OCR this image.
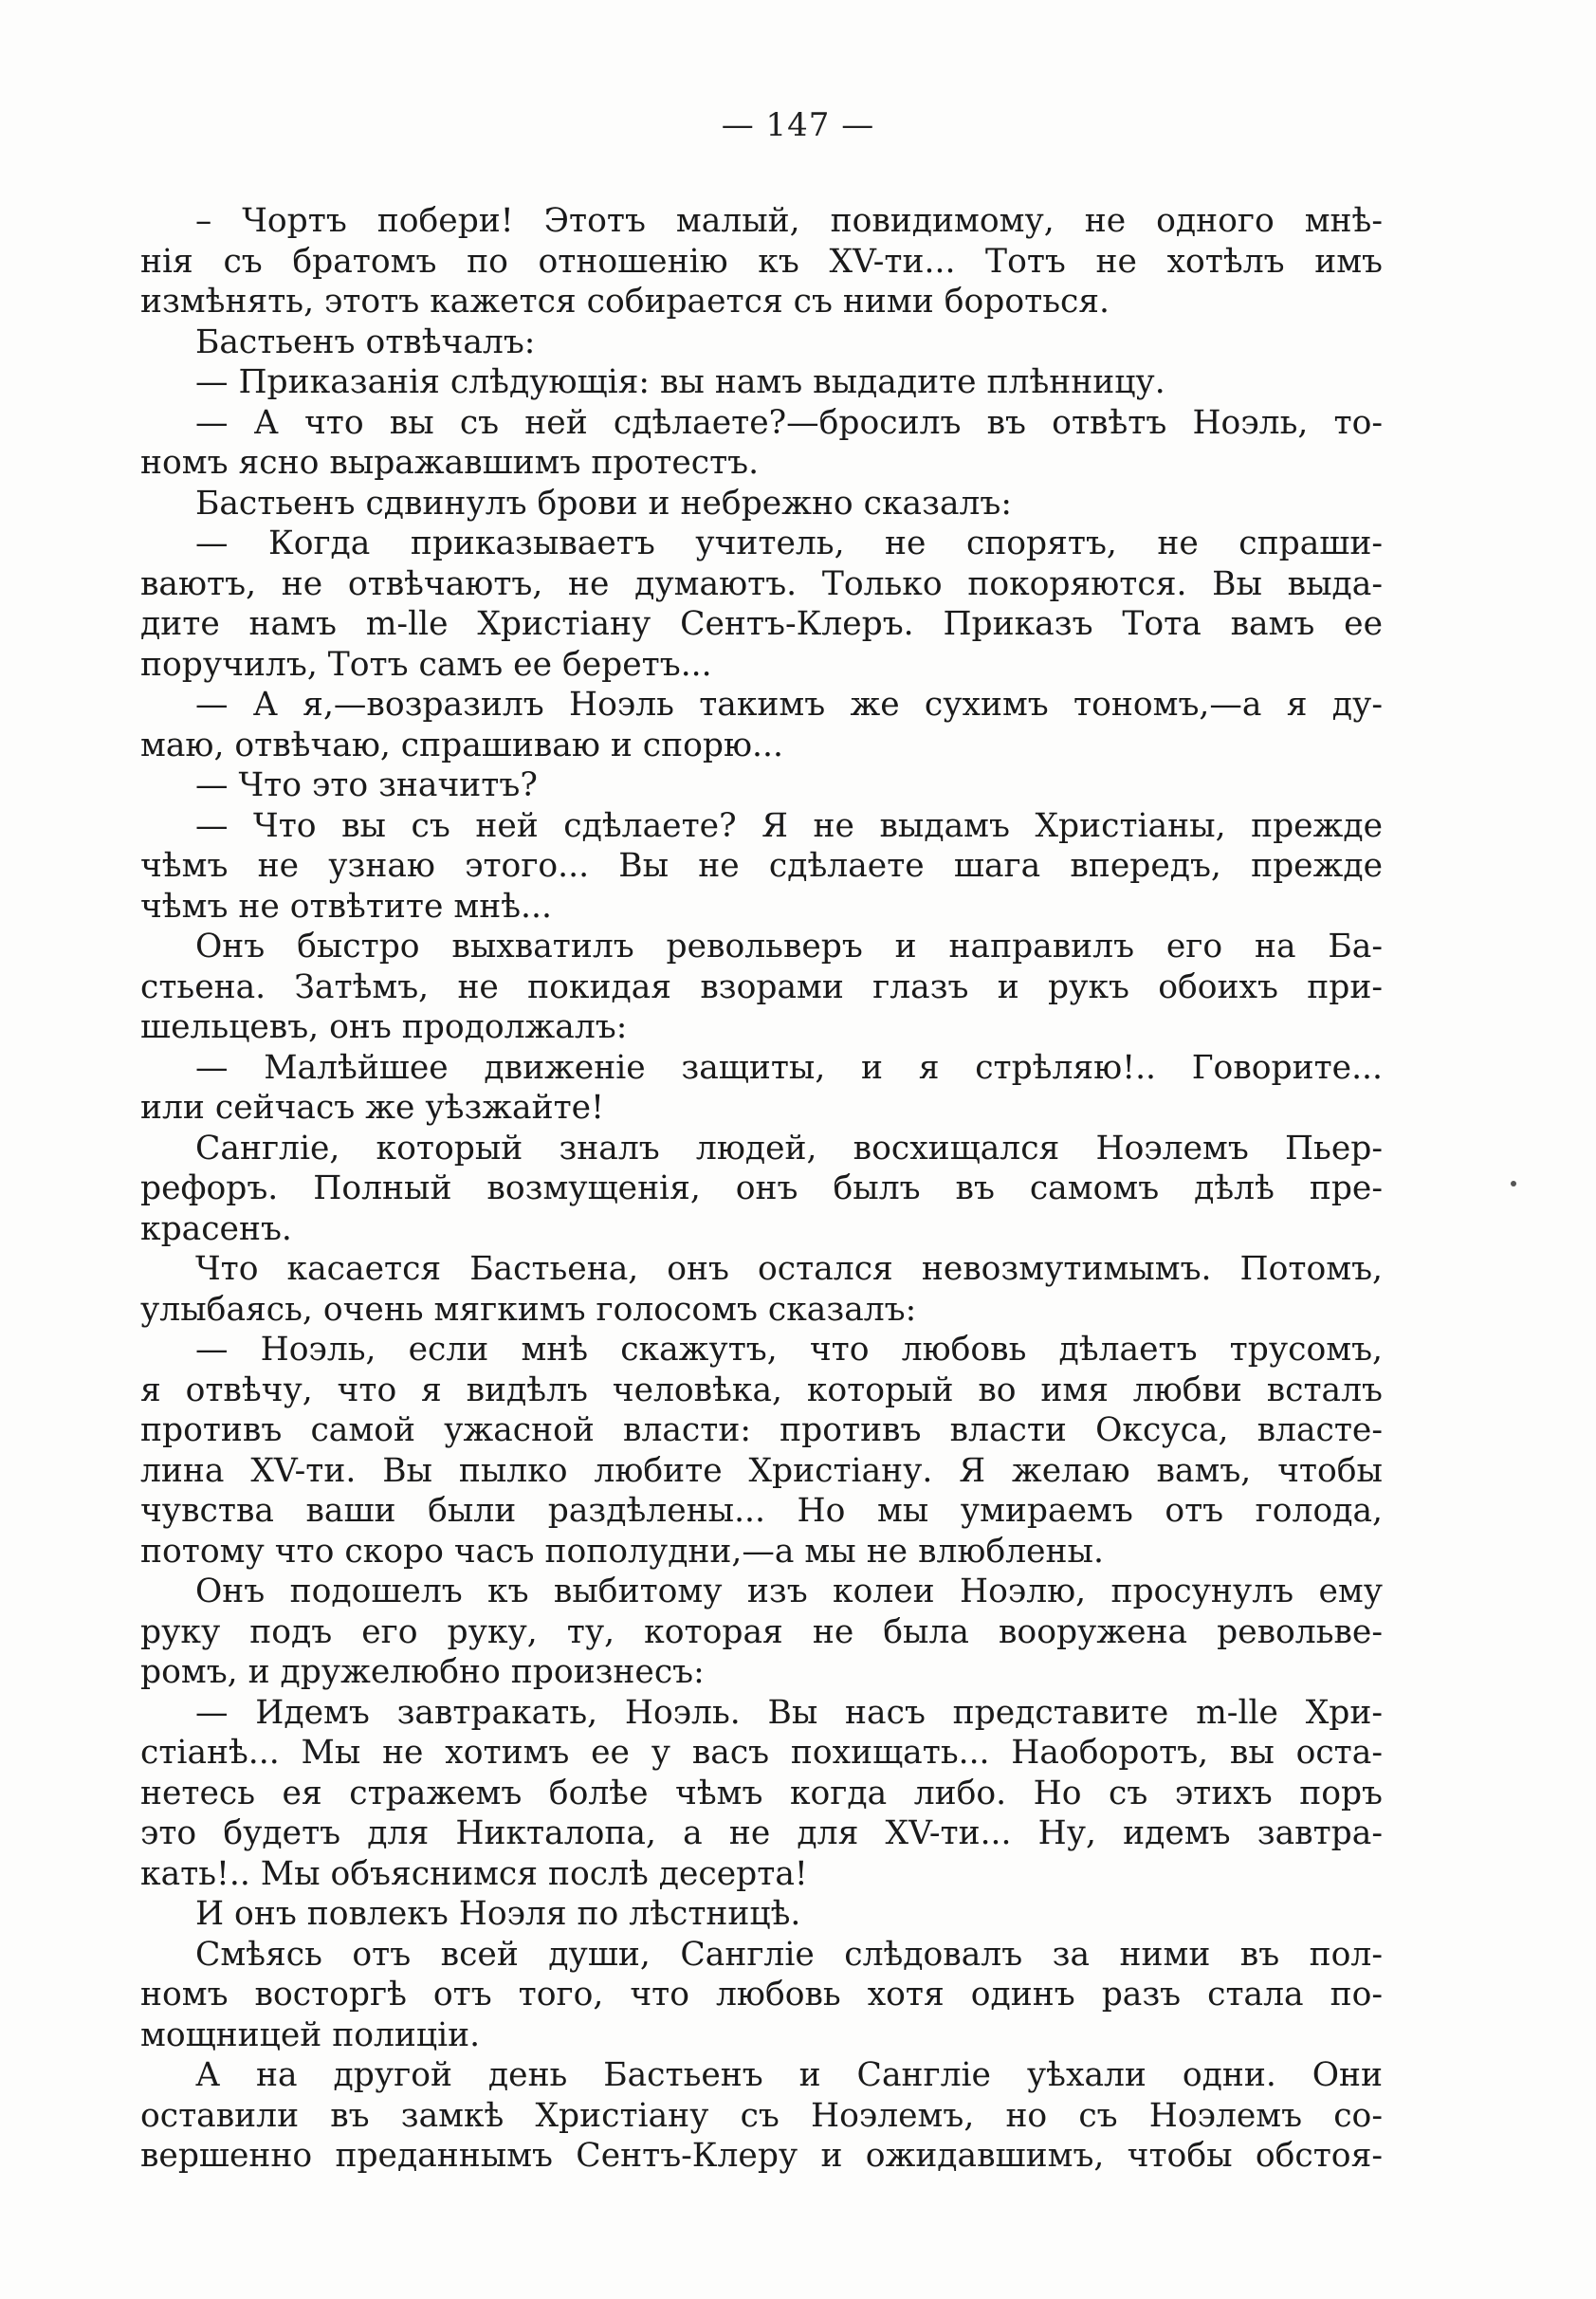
— 147 —
– Чортъ побери! Этотъ малый, повидимому, не одного мнѣ-
нія съ братомъ по отношенію къ XV-ти... Тотъ не хотѣлъ имъ
измѣнять, этотъ кажется собирается съ ними бороться.
Бастьенъ отвѣчалъ:
— Приказанія слѣдующія: вы намъ выдадите плѣнницу.
— А что вы съ ней сдѣлаете?—бросилъ въ отвѣтъ Ноэль, то-
номъ ясно выражавшимъ протестъ.
Бастьенъ сдвинулъ брови и небрежно сказалъ:
— Когда приказываетъ учитель, не спорятъ, не спраши-
ваютъ, не отвѣчаютъ, не думаютъ. Только покоряются. Вы выда-
дите намъ m-lle Христіану Сентъ-Клеръ. Приказъ Тота вамъ ее
поручилъ, Тотъ самъ ее беретъ...
— А я,—возразилъ Ноэль такимъ же сухимъ тономъ,—а я ду-
маю, отвѣчаю, спрашиваю и спорю...
— Что это значитъ?
— Что вы съ ней сдѣлаете? Я не выдамъ Христіаны, прежде
чѣмъ не узнаю этого... Вы не сдѣлаете шага впередъ, прежде
чѣмъ не отвѣтите мнѣ...
Онъ быстро выхватилъ револьверъ и направилъ его на Ба-
стьена. Затѣмъ, не покидая взорами глазъ и рукъ обоихъ при-
шельцевъ, онъ продолжалъ:
— Малѣйшее движеніе защиты, и я стрѣляю!.. Говорите...
или сейчасъ же уѣзжайте!
Сангліе, который зналъ людей, восхищался Ноэлемъ Пьер-
рефоръ. Полный возмущенія, онъ былъ въ самомъ дѣлѣ пре-
красенъ.
Что касается Бастьена, онъ остался невозмутимымъ. Потомъ,
улыбаясь, очень мягкимъ голосомъ сказалъ:
— Ноэль, если мнѣ скажутъ, что любовь дѣлаетъ трусомъ,
я отвѣчу, что я видѣлъ человѣка, который во имя любви всталъ
противъ самой ужасной власти: противъ власти Оксуса, власте-
лина XV-ти. Вы пылко любите Христіану. Я желаю вамъ, чтобы
чувства ваши были раздѣлены... Но мы умираемъ отъ голода,
потому что скоро часъ пополудни,—а мы не влюблены.
Онъ подошелъ къ выбитому изъ колеи Ноэлю, просунулъ ему
руку подъ его руку, ту, которая не была вооружена револьве-
ромъ, и дружелюбно произнесъ:
— Идемъ завтракать, Ноэль. Вы насъ представите m-lle Хри-
стіанѣ... Мы не хотимъ ее у васъ похищать... Наоборотъ, вы оста-
нетесь ея стражемъ болѣе чѣмъ когда либо. Но съ этихъ поръ
это будетъ для Никталопа, а не для XV-ти... Ну, идемъ завтра-
кать!.. Мы объяснимся послѣ десерта!
И онъ повлекъ Ноэля по лѣстницѣ.
Смѣясь отъ всей души, Сангліе слѣдовалъ за ними въ пол-
номъ восторгѣ отъ того, что любовь хотя одинъ разъ стала по-
мощницей полиціи.
А на другой день Бастьенъ и Сангліе уѣхали одни. Они
оставили въ замкѣ Христіану съ Ноэлемъ, но съ Ноэлемъ со-
вершенно преданнымъ Сентъ-Клеру и ожидавшимъ, чтобы обстоя-
